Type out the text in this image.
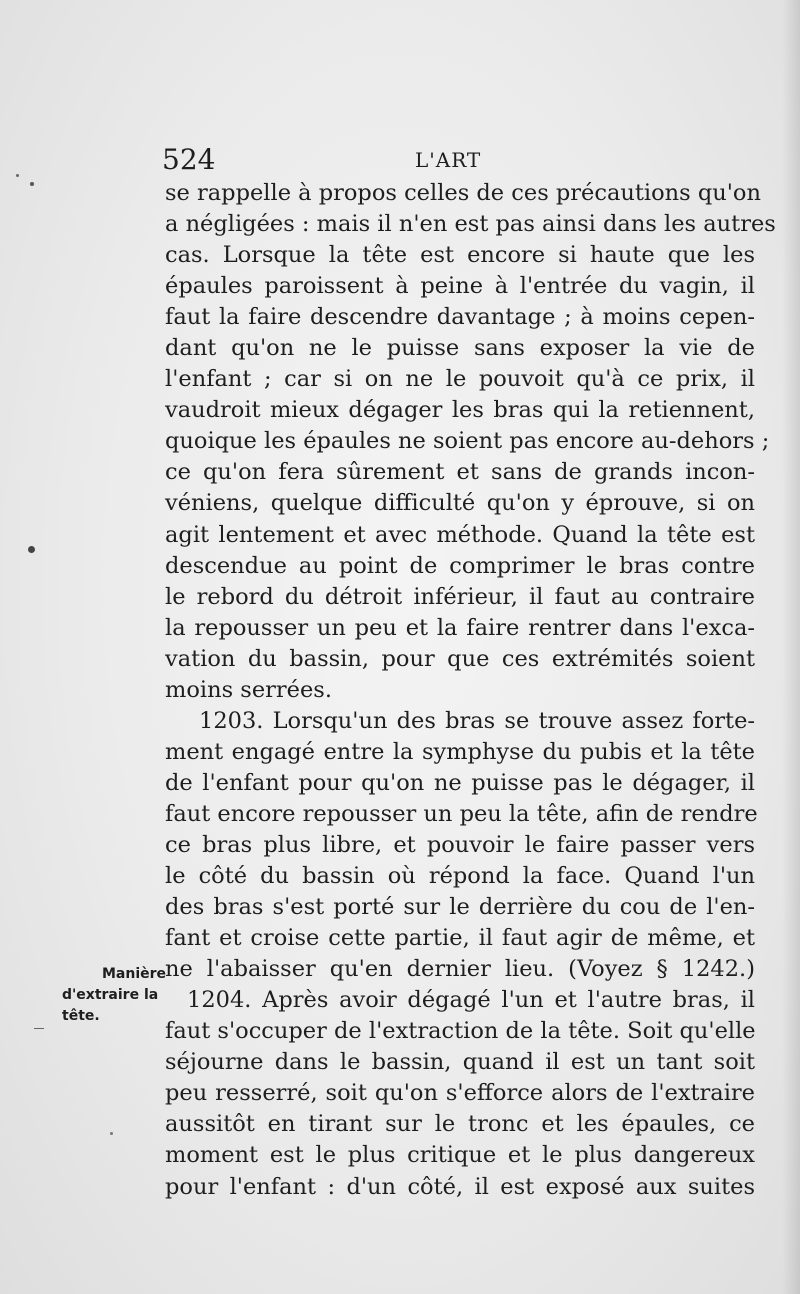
524	L'ART
Manière
d'extraire la
tête.
se rappelle à propos celles de ces précautions qu'on
a négligées : mais il n'en est pas ainsi dans les autres
cas. Lorsque la tête est encore si haute que les
épaules paroissent à peine à l'entrée du vagin, il
faut la faire descendre davantage ; à moins cepen-
dant qu'on ne le puisse sans exposer la vie de
l'enfant ; car si on ne le pouvoit qu'à ce prix, il
vaudroit mieux dégager les bras qui la retiennent,
quoique les épaules ne soient pas encore au-dehors ;
ce qu'on fera sûrement et sans de grands incon-
véniens, quelque difficulté qu'on y éprouve, si on
agit lentement et avec méthode. Quand la tête est
descendue au point de comprimer le bras contre
le rebord du détroit inférieur, il faut au contraire
la repousser un peu et la faire rentrer dans l'exca-
vation du bassin, pour que ces extrémités soient
moins serrées.
1203. Lorsqu'un des bras se trouve assez forte-
ment engagé entre la symphyse du pubis et la tête
de l'enfant pour qu'on ne puisse pas le dégager, il
faut encore repousser un peu la tête, afin de rendre
ce bras plus libre, et pouvoir le faire passer vers
le côté du bassin où répond la face. Quand l'un
des bras s'est porté sur le derrière du cou de l'en-
fant et croise cette partie, il faut agir de même, et
ne l'abaisser qu'en dernier lieu. (Voyez § 1242.)
1204. Après avoir dégagé l'un et l'autre bras, il
faut s'occuper de l'extraction de la tête. Soit qu'elle
séjourne dans le bassin, quand il est un tant soit
peu resserré, soit qu'on s'efforce alors de l'extraire
aussitôt en tirant sur le tronc et les épaules, ce
moment est le plus critique et le plus dangereux
pour l'enfant : d'un côté, il est exposé aux suites
